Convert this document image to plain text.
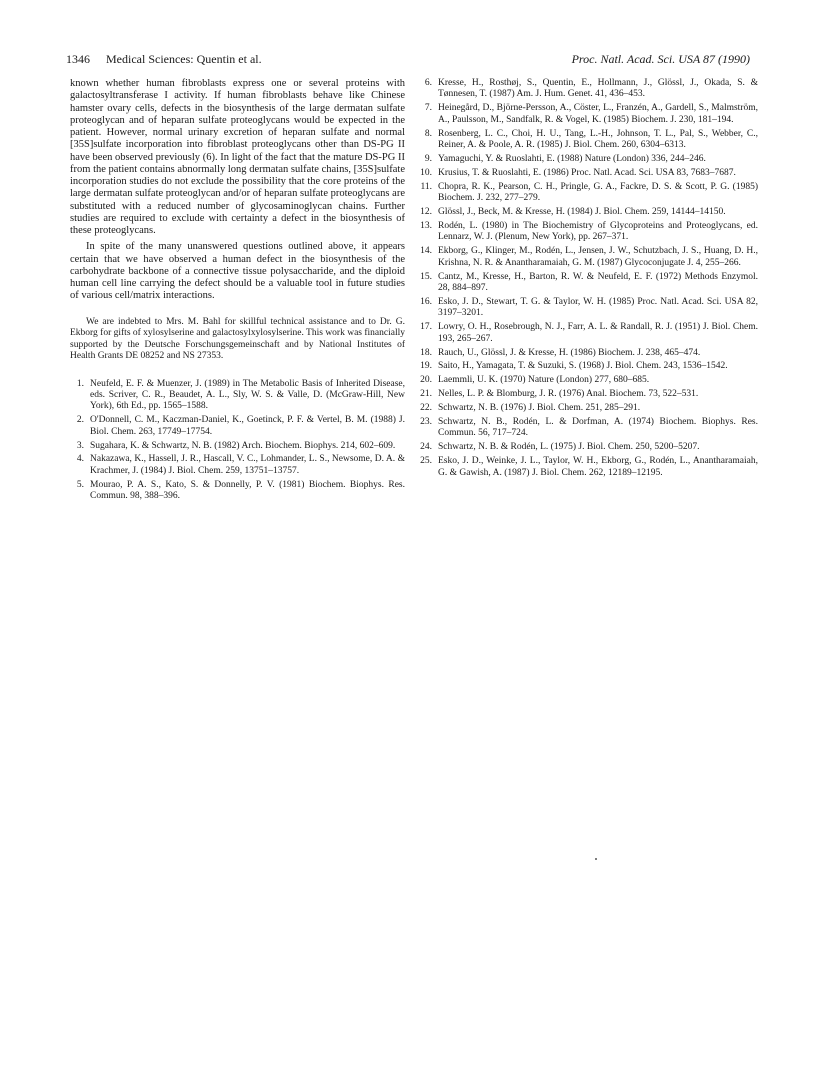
1346 Medical Sciences: Quentin et al.	Proc. Natl. Acad. Sci. USA 87 (1990)

known whether human fibroblasts express one or several proteins with galactosyltransferase I activity. If human fibroblasts behave like Chinese hamster ovary cells, defects in the biosynthesis of the large dermatan sulfate proteoglycan and of heparan sulfate proteoglycans would be expected in the patient. However, normal urinary excretion of heparan sulfate and normal [35S]sulfate incorporation into fibroblast proteoglycans other than DS-PG II have been observed previously (6). In light of the fact that the mature DS-PG II from the patient contains abnormally long dermatan sulfate chains, [35S]sulfate incorporation studies do not exclude the possibility that the core proteins of the large dermatan sulfate proteoglycan and/or of heparan sulfate proteoglycans are substituted with a reduced number of glycosaminoglycan chains. Further studies are required to exclude with certainty a defect in the biosynthesis of these proteoglycans.

In spite of the many unanswered questions outlined above, it appears certain that we have observed a human defect in the biosynthesis of the carbohydrate backbone of a connective tissue polysaccharide, and the diploid human cell line carrying the defect should be a valuable tool in future studies of various cell/matrix interactions.

We are indebted to Mrs. M. Bahl for skillful technical assistance and to Dr. G. Ekborg for gifts of xylosylserine and galactosylxylosylserine. This work was financially supported by the Deutsche Forschungsgemeinschaft and by National Institutes of Health Grants DE 08252 and NS 27353.

1. Neufeld, E. F. & Muenzer, J. (1989) in The Metabolic Basis of Inherited Disease, eds. Scriver, C. R., Beaudet, A. L., Sly, W. S. & Valle, D. (McGraw-Hill, New York), 6th Ed., pp. 1565–1588.
2. O'Donnell, C. M., Kaczman-Daniel, K., Goetinck, P. F. & Vertel, B. M. (1988) J. Biol. Chem. 263, 17749–17754.
3. Sugahara, K. & Schwartz, N. B. (1982) Arch. Biochem. Biophys. 214, 602–609.
4. Nakazawa, K., Hassell, J. R., Hascall, V. C., Lohmander, L. S., Newsome, D. A. & Krachmer, J. (1984) J. Biol. Chem. 259, 13751–13757.
5. Mourao, P. A. S., Kato, S. & Donnelly, P. V. (1981) Biochem. Biophys. Res. Commun. 98, 388–396.
6. Kresse, H., Rosthøj, S., Quentin, E., Hollmann, J., Glössl, J., Okada, S. & Tønnesen, T. (1987) Am. J. Hum. Genet. 41, 436–453.
7. Heinegård, D., Björne-Persson, A., Cöster, L., Franzén, A., Gardell, S., Malmström, A., Paulsson, M., Sandfalk, R. & Vogel, K. (1985) Biochem. J. 230, 181–194.
8. Rosenberg, L. C., Choi, H. U., Tang, L.-H., Johnson, T. L., Pal, S., Webber, C., Reiner, A. & Poole, A. R. (1985) J. Biol. Chem. 260, 6304–6313.
9. Yamaguchi, Y. & Ruoslahti, E. (1988) Nature (London) 336, 244–246.
10. Krusius, T. & Ruoslahti, E. (1986) Proc. Natl. Acad. Sci. USA 83, 7683–7687.
11. Chopra, R. K., Pearson, C. H., Pringle, G. A., Fackre, D. S. & Scott, P. G. (1985) Biochem. J. 232, 277–279.
12. Glössl, J., Beck, M. & Kresse, H. (1984) J. Biol. Chem. 259, 14144–14150.
13. Rodén, L. (1980) in The Biochemistry of Glycoproteins and Proteoglycans, ed. Lennarz, W. J. (Plenum, New York), pp. 267–371.
14. Ekborg, G., Klinger, M., Rodén, L., Jensen, J. W., Schutzbach, J. S., Huang, D. H., Krishna, N. R. & Anantharamaiah, G. M. (1987) Glycoconjugate J. 4, 255–266.
15. Cantz, M., Kresse, H., Barton, R. W. & Neufeld, E. F. (1972) Methods Enzymol. 28, 884–897.
16. Esko, J. D., Stewart, T. G. & Taylor, W. H. (1985) Proc. Natl. Acad. Sci. USA 82, 3197–3201.
17. Lowry, O. H., Rosebrough, N. J., Farr, A. L. & Randall, R. J. (1951) J. Biol. Chem. 193, 265–267.
18. Rauch, U., Glössl, J. & Kresse, H. (1986) Biochem. J. 238, 465–474.
19. Saito, H., Yamagata, T. & Suzuki, S. (1968) J. Biol. Chem. 243, 1536–1542.
20. Laemmli, U. K. (1970) Nature (London) 277, 680–685.
21. Nelles, L. P. & Blomburg, J. R. (1976) Anal. Biochem. 73, 522–531.
22. Schwartz, N. B. (1976) J. Biol. Chem. 251, 285–291.
23. Schwartz, N. B., Rodén, L. & Dorfman, A. (1974) Biochem. Biophys. Res. Commun. 56, 717–724.
24. Schwartz, N. B. & Rodén, L. (1975) J. Biol. Chem. 250, 5200–5207.
25. Esko, J. D., Weinke, J. L., Taylor, W. H., Ekborg, G., Rodén, L., Anantharamaiah, G. & Gawish, A. (1987) J. Biol. Chem. 262, 12189–12195.
